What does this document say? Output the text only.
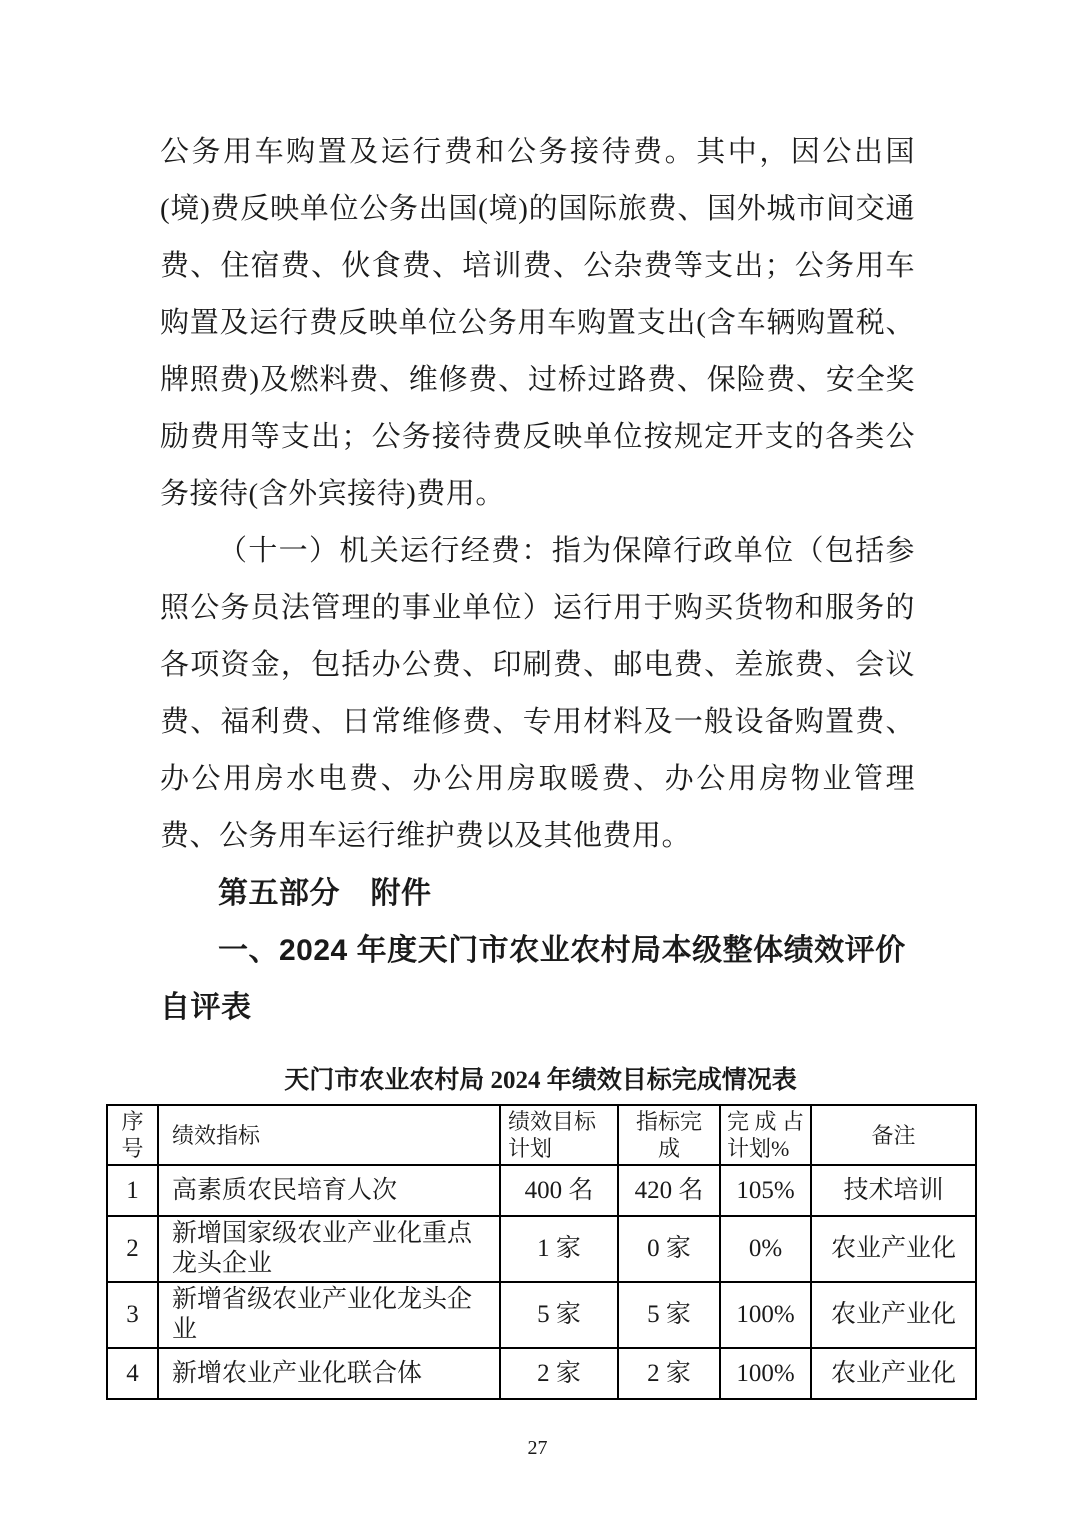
公务用车购置及运行费和公务接待费。其中，因公出国(境)费反映单位公务出国(境)的国际旅费、国外城市间交通费、住宿费、伙食费、培训费、公杂费等支出；公务用车购置及运行费反映单位公务用车购置支出(含车辆购置税、牌照费)及燃料费、维修费、过桥过路费、保险费、安全奖励费用等支出；公务接待费反映单位按规定开支的各类公务接待(含外宾接待)费用。

（十一）机关运行经费：指为保障行政单位（包括参照公务员法管理的事业单位）运行用于购买货物和服务的各项资金，包括办公费、印刷费、邮电费、差旅费、会议费、福利费、日常维修费、专用材料及一般设备购置费、办公用房水电费、办公用房取暖费、办公用房物业管理费、公务用车运行维护费以及其他费用。

第五部分　附件
一、2024 年度天门市农业农村局本级整体绩效评价自评表
天门市农业农村局 2024 年绩效目标完成情况表
序号	绩效指标	绩效目标计划	指标完成	完成占计划%	备注
1	高素质农民培育人次	400 名	420 名	105%	技术培训
2	新增国家级农业产业化重点龙头企业	1 家	0 家	0%	农业产业化
3	新增省级农业产业化龙头企业	5 家	5 家	100%	农业产业化
4	新增农业产业化联合体	2 家	2 家	100%	农业产业化
27
